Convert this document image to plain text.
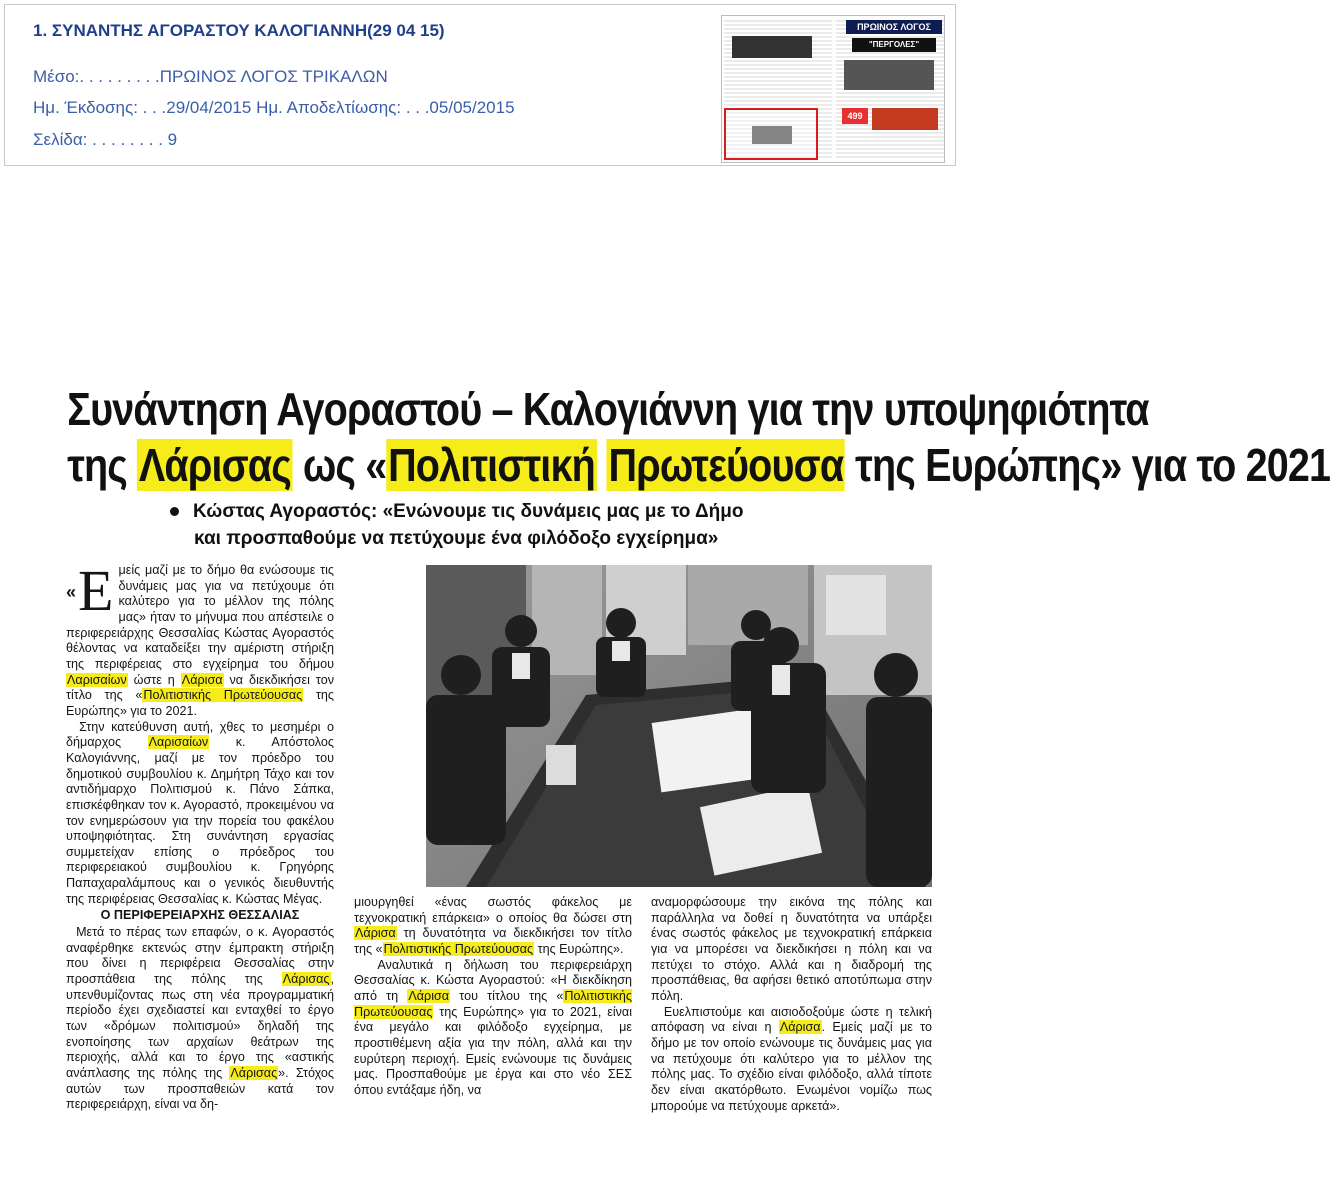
1. ΣΥΝΑΝΤΗΣ ΑΓΟΡΑΣΤΟΥ ΚΑΛΟΓΙΑΝΝΗ(29 04 15)
Μέσο:. . . . . . . . .ΠΡΩΙΝΟΣ ΛΟΓΟΣ ΤΡΙΚΑΛΩΝ
Ημ. Έκδοσης: . . .29/04/2015 Ημ. Αποδελτίωσης: . . .05/05/2015
Σελίδα: . . . . . . . . 9
ΠΡΩΙΝΟΣ ΛΟΓΟΣ
"ΠΕΡΓΟΛΕΣ"
499
Συνάντηση Αγοραστού – Καλογιάννη για την υποψηφιότητα
της Λάρισας ως «Πολιτιστική Πρωτεύουσα της Ευρώπης» για το 2021
Κώστας Αγοραστός: «Ενώνουμε τις δυνάμεις μας με το Δήμο
και προσπαθούμε να πετύχουμε ένα φιλόδοξο εγχείρημα»

« Ε μείς μαζί με το δήμο θα ενώσουμε τις δυνάμεις μας για να πετύχουμε ότι καλύτερο για το μέλλον της πόλης μας» ήταν το μήνυμα που απέστειλε ο περιφερειάρχης Θεσσαλίας Κώστας Αγοραστός θέλοντας να καταδείξει την αμέριστη στήριξη της περιφέρειας στο εγχείρημα του δήμου Λαρισαίων ώστε η Λάρισα να διεκδικήσει τον τίτλο της «Πολιτιστικής Πρωτεύουσας της Ευρώπης» για το 2021.

Στην κατεύθυνση αυτή, χθες το μεσημέρι ο δήμαρχος Λαρισαίων κ. Απόστολος Καλογιάννης, μαζί με τον πρόεδρο του δημοτικού συμβουλίου κ. Δημήτρη Τάχο και τον αντιδήμαρχο Πολιτισμού κ. Πάνο Σάπκα, επισκέφθηκαν τον κ. Αγοραστό, προκειμένου να τον ενημερώσουν για την πορεία του φακέλου υποψηφιότητας. Στη συνάντηση εργασίας συμμετείχαν επίσης ο πρόεδρος του περιφερειακού συμβουλίου κ. Γρηγόρης Παπαχαραλάμπους και ο γενικός διευθυντής της περιφέρειας Θεσσαλίας κ. Κώστας Μέγας.

Ο ΠΕΡΙΦΕΡΕΙΑΡΧΗΣ ΘΕΣΣΑΛΙΑΣ

Μετά το πέρας των επαφών, ο κ. Αγοραστός αναφέρθηκε εκτενώς στην έμπρακτη στήριξη που δίνει η περιφέρεια Θεσσαλίας στην προσπάθεια της πόλης της Λάρισας, υπενθυμίζοντας πως στη νέα προγραμματική περίοδο έχει σχεδιαστεί και ενταχθεί το έργο των «δρόμων πολιτισμού» δηλαδή της ενοποίησης των αρχαίων θεάτρων της περιοχής, αλλά και το έργο της «αστικής ανάπλασης της πόλης της Λάρισας». Στόχος αυτών των προσπαθειών κατά τον περιφερειάρχη, είναι να δη-

μιουργηθεί «ένας σωστός φάκελος με τεχνοκρατική επάρκεια» ο οποίος θα δώσει στη Λάρισα τη δυνατότητα να διεκδικήσει τον τίτλο της «Πολιτιστικής Πρωτεύουσας της Ευρώπης».

Αναλυτικά η δήλωση του περιφερειάρχη Θεσσαλίας κ. Κώστα Αγοραστού: «Η διεκδίκηση από τη Λάρισα του τίτλου της «Πολιτιστικής Πρωτεύουσας της Ευρώπης» για το 2021, είναι ένα μεγάλο και φιλόδοξο εγχείρημα, με προστιθέμενη αξία για την πόλη, αλλά και την ευρύτερη περιοχή. Εμείς ενώνουμε τις δυνάμεις μας. Προσπαθούμε με έργα και στο νέο ΣΕΣ όπου εντάξαμε ήδη, να

αναμορφώσουμε την εικόνα της πόλης και παράλληλα να δοθεί η δυνατότητα να υπάρξει ένας σωστός φάκελος με τεχνοκρατική επάρκεια για να μπορέσει να διεκδικήσει η πόλη και να πετύχει το στόχο. Αλλά και η διαδρομή της προσπάθειας, θα αφήσει θετικό αποτύπωμα στην πόλη.

Ευελπιστούμε και αισιοδοξούμε ώστε η τελική απόφαση να είναι η Λάρισα. Εμείς μαζί με το δήμο με τον οποίο ενώνουμε τις δυνάμεις μας για να πετύχουμε ότι καλύτερο για το μέλλον της πόλης μας. Το σχέδιο είναι φιλόδοξο, αλλά τίποτε δεν είναι ακατόρθωτο. Ενωμένοι νομίζω πως μπορούμε να πετύχουμε αρκετά».
